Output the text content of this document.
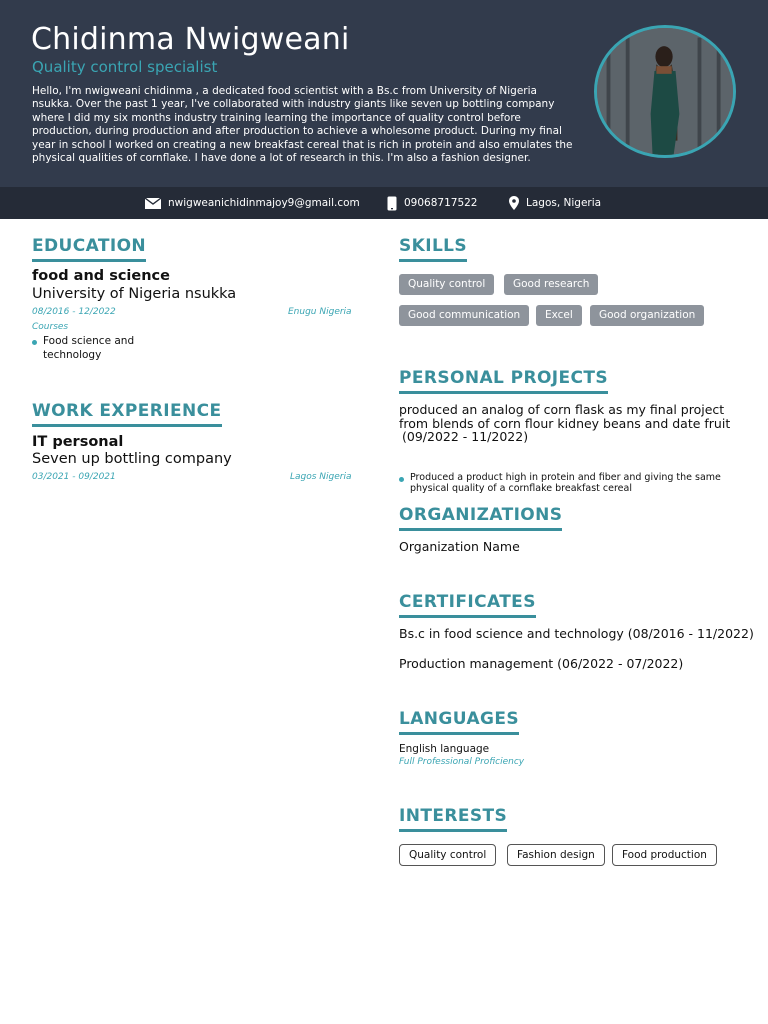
Chidinma Nwigweani
Quality control specialist
Hello, I'm nwigweani chidinma , a dedicated food scientist with a Bs.c from University of Nigeria nsukka. Over the past 1 year, I've collaborated with industry giants like seven up bottling company where I did my six months industry training learning the importance of quality control before production, during production and after production to achieve a wholesome product. During my final year in school I worked on creating a new breakfast cereal that is rich in protein and also emulates the physical qualities of cornflake. I have done a lot of research in this. I'm also a fashion designer.
nwigweanichidinmajoy9@gmail.com	09068717522	Lagos, Nigeria
EDUCATION
food and science
University of Nigeria nsukka
08/2016 - 12/2022	Enugu Nigeria
Courses
Food science and
technology
WORK EXPERIENCE
IT personal
Seven up bottling company
03/2021 - 09/2021	Lagos Nigeria
SKILLS
Quality control	Good research
Good communication	Excel	Good organization
PERSONAL PROJECTS
produced an analog of corn flask as my final project from blends of corn flour kidney beans and date fruit
(09/2022 - 11/2022)
Produced a product high in protein and fiber and giving the same physical quality of a cornflake breakfast cereal
ORGANIZATIONS
Organization Name
CERTIFICATES
Bs.c in food science and technology (08/2016 - 11/2022)
Production management (06/2022 - 07/2022)
LANGUAGES
English language
Full Professional Proficiency
INTERESTS
Quality control	Fashion design	Food production
